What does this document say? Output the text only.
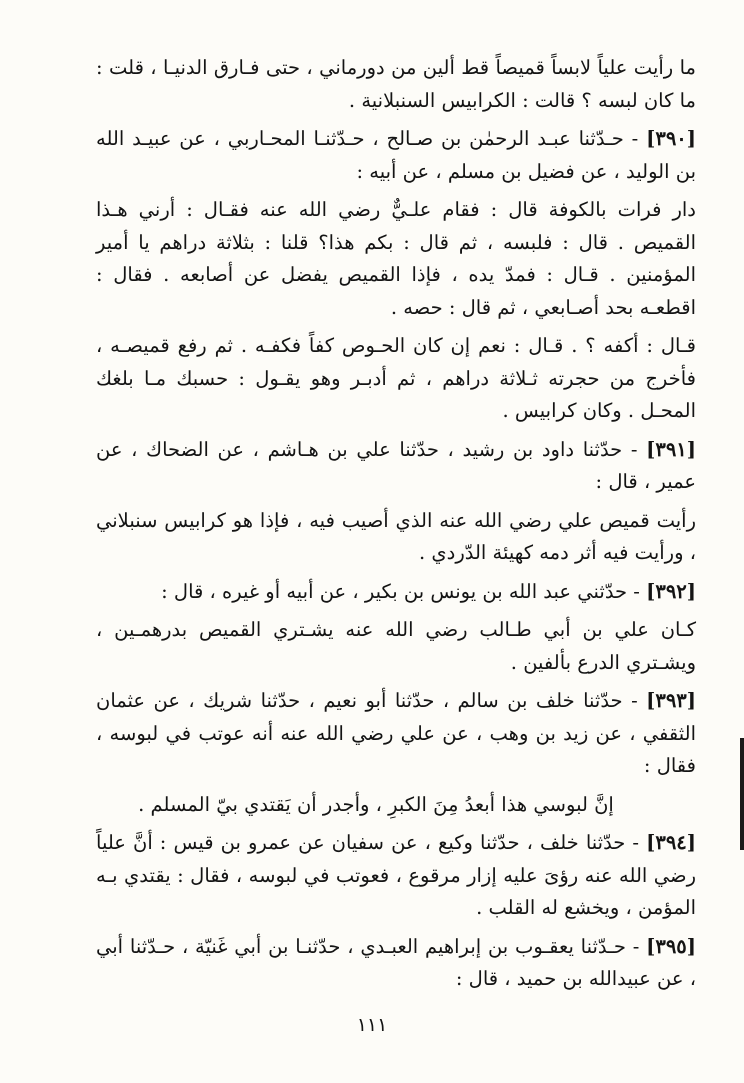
ما رأيت علياً لابساً قميصاً قط ألين من دورماني ، حتى فـارق الدنيـا ، قلت : ما كان لبسه ؟ قالت : الكرابيس السنبلانية .

[٣٩٠] - حـدّثنا عبـد الرحمٰن بن صـالح ، حـدّثنـا المحـاربي ، عن عبيـد الله بن الوليد ، عن فضيل بن مسلم ، عن أبيه :

دار فرات بالكوفة قال : فقام علـيٌّ رضي الله عنه فقـال : أرني هـذا القميص . قال : فلبسه ، ثم قال : بكم هذا؟ قلنا : بثلاثة دراهم يا أمير المؤمنين . قـال : فمدّ يده ، فإذا القميص يفضل عن أصابعه . فقال : اقطعـه بحد أصـابعي ، ثم قال : حصه .

قـال : أكفه ؟ . قـال : نعم إن كان الحـوص كفاً فكفـه . ثم رفع قميصـه ، فأخرج من حجرته ثـلاثة دراهم ، ثم أدبـر وهو يقـول : حسبك مـا بلغك المحـل . وكان كرابيس .

[٣٩١] - حدّثنا داود بن رشيد ، حدّثنا علي بن هـاشم ، عن الضحاك ، عن عمير ، قال :

رأيت قميص علي رضي الله عنه الذي أصيب فيه ، فإذا هو كرابيس سنبلاني ، ورأيت فيه أثر دمه كهيئة الدّردي .

[٣٩٢] - حدّثني عبد الله بن يونس بن بكير ، عن أبيه أو غيره ، قال :

كـان علي بن أبي طـالب رضي الله عنه يشـتري القميص بدرهمـين ، ويشـتري الدرع بألفين .

[٣٩٣] - حدّثنا خلف بن سالم ، حدّثنا أبو نعيم ، حدّثنا شريك ، عن عثمان الثقفي ، عن زيد بن وهب ، عن علي رضي الله عنه أنه عوتب في لبوسه ، فقال :

إنَّ لبوسي هذا أبعدُ مِنَ الكبرِ ، وأجدر أن يَقتدي بيّ المسلم .

[٣٩٤] - حدّثنا خلف ، حدّثنا وكيع ، عن سفيان عن عمرو بن قيس : أنَّ علياً رضي الله عنه رؤىَ عليه إزار مرقوع ، فعوتب في لبوسه ، فقال : يقتدي بـه المؤمن ، ويخشع له القلب .

[٣٩٥] - حـدّثنا يعقـوب بن إبراهيم العبـدي ، حدّثنـا بن أبي غَنيّة ، حـدّثنا أبي ، عن عبيدالله بن حميد ، قال :

١١١
